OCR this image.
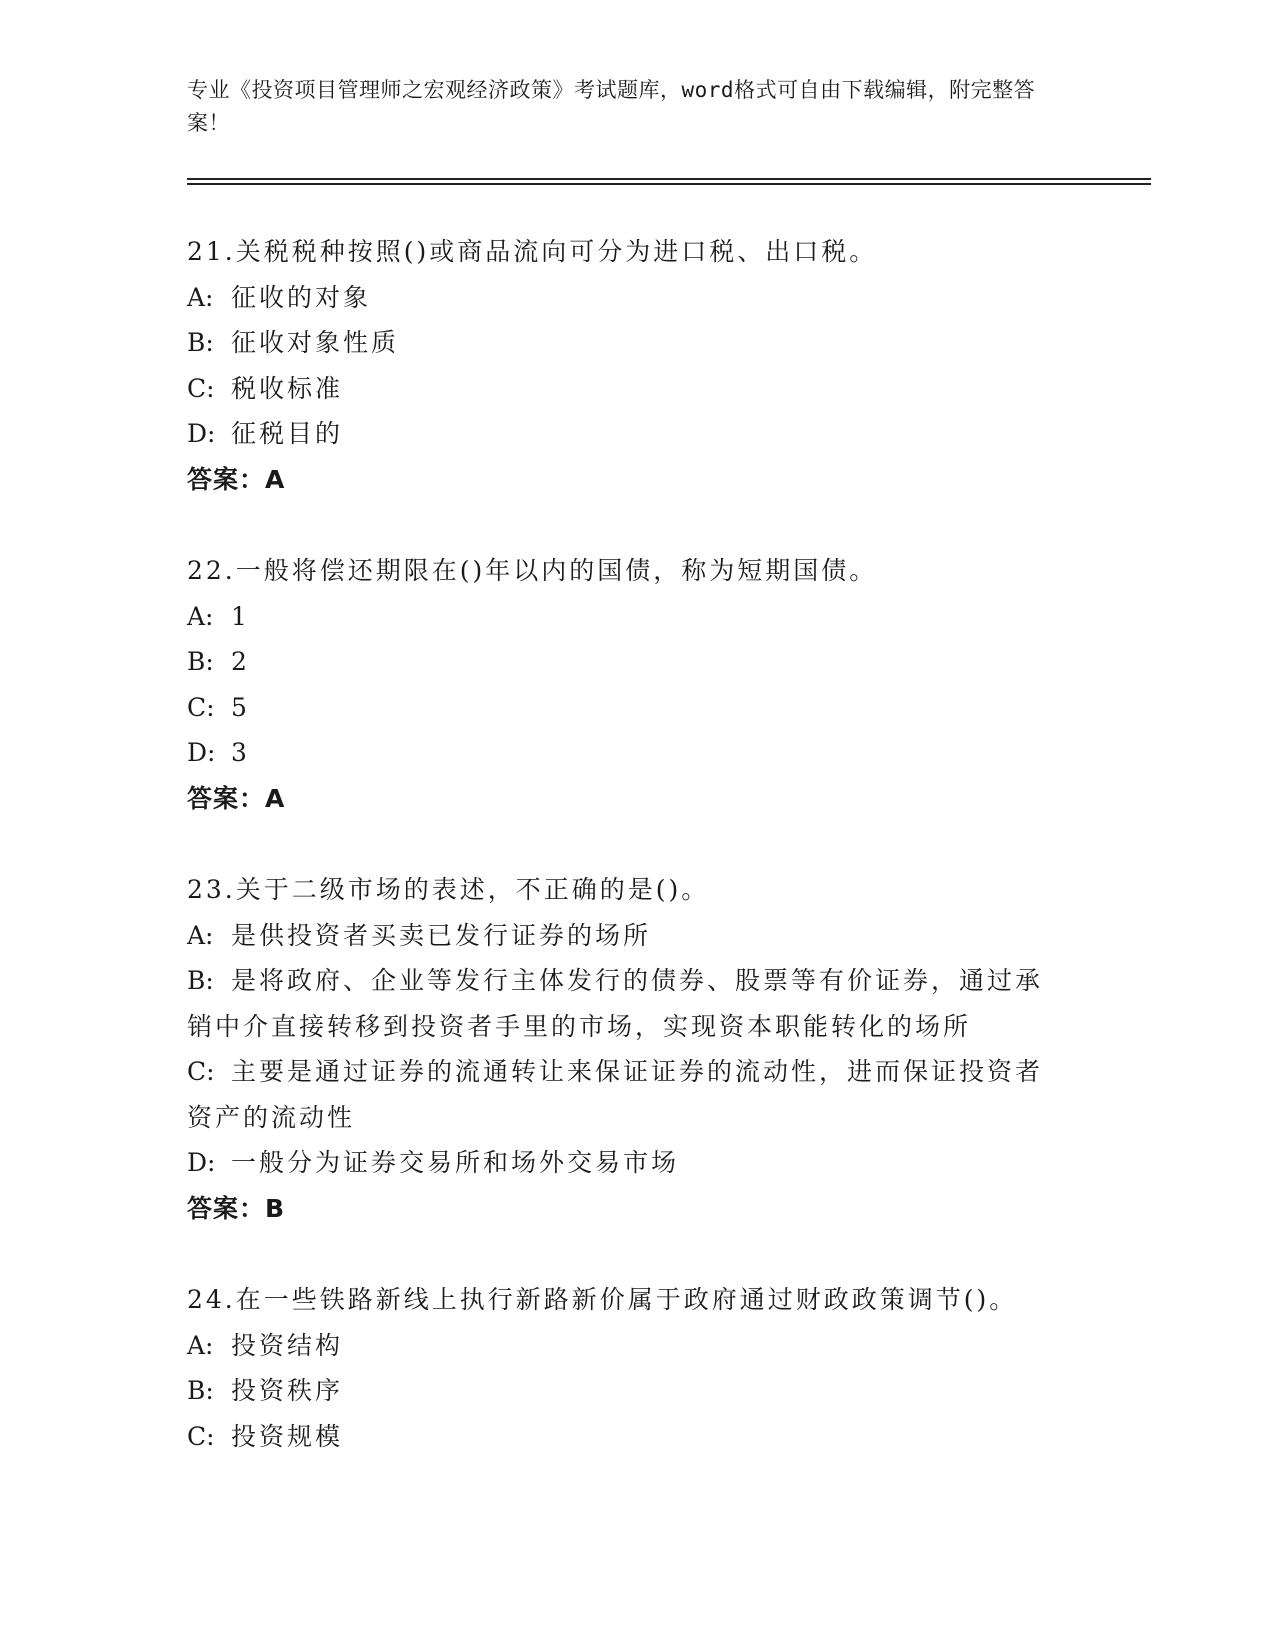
专业《投资项目管理师之宏观经济政策》考试题库，word格式可自由下载编辑，附完整答案！
21.关税税种按照()或商品流向可分为进口税、出口税。
A: 征收的对象
B: 征收对象性质
C: 税收标准
D: 征税目的
答案：A
22.一般将偿还期限在()年以内的国债，称为短期国债。
A: 1
B: 2
C: 5
D: 3
答案：A
23.关于二级市场的表述，不正确的是()。
A: 是供投资者买卖已发行证券的场所
B: 是将政府、企业等发行主体发行的债券、股票等有价证券，通过承销中介直接转移到投资者手里的市场，实现资本职能转化的场所
C: 主要是通过证券的流通转让来保证证券的流动性，进而保证投资者资产的流动性
D: 一般分为证券交易所和场外交易市场
答案：B
24.在一些铁路新线上执行新路新价属于政府通过财政政策调节()。
A: 投资结构
B: 投资秩序
C: 投资规模
